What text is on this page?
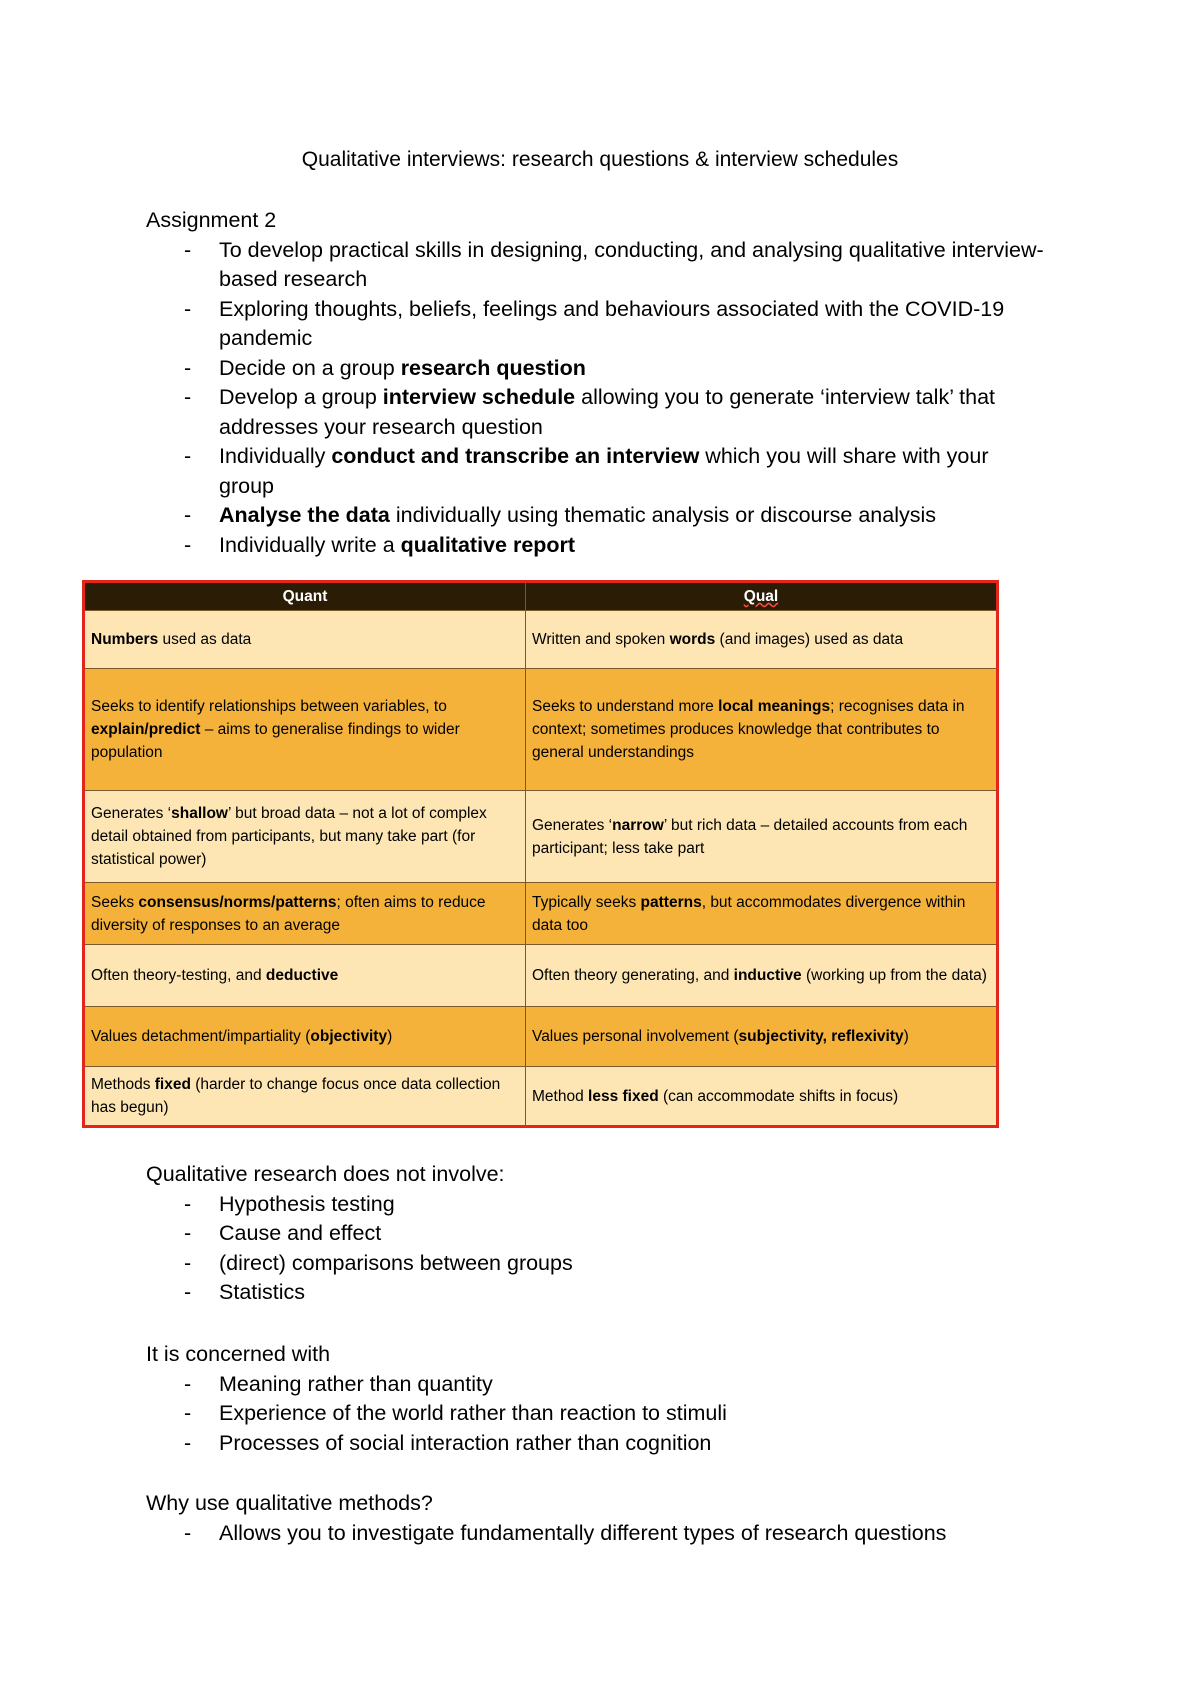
Qualitative interviews: research questions & interview schedules

Assignment 2

- To develop practical skills in designing, conducting, and analysing qualitative interview-based research
- Exploring thoughts, beliefs, feelings and behaviours associated with the COVID-19 pandemic
- Decide on a group research question
- Develop a group interview schedule allowing you to generate ‘interview talk’ that addresses your research question
- Individually conduct and transcribe an interview which you will share with your group
- Analyse the data individually using thematic analysis or discourse analysis
- Individually write a qualitative report
Quant	Qual
Numbers used as data	Written and spoken words (and images) used as data
Seeks to identify relationships between variables, to explain/predict – aims to generalise findings to wider population	Seeks to understand more local meanings; recognises data in context; sometimes produces knowledge that contributes to general understandings
Generates ‘shallow’ but broad data – not a lot of complex detail obtained from participants, but many take part (for statistical power)	Generates ‘narrow’ but rich data – detailed accounts from each participant; less take part
Seeks consensus/norms/patterns; often aims to reduce diversity of responses to an average	Typically seeks patterns, but accommodates divergence within data too
Often theory-testing, and deductive	Often theory generating, and inductive (working up from the data)
Values detachment/impartiality (objectivity)	Values personal involvement (subjectivity, reflexivity)
Methods fixed (harder to change focus once data collection has begun)	Method less fixed (can accommodate shifts in focus)

Qualitative research does not involve:

- Hypothesis testing
- Cause and effect
- (direct) comparisons between groups
- Statistics

It is concerned with

- Meaning rather than quantity
- Experience of the world rather than reaction to stimuli
- Processes of social interaction rather than cognition

Why use qualitative methods?

- Allows you to investigate fundamentally different types of research questions
